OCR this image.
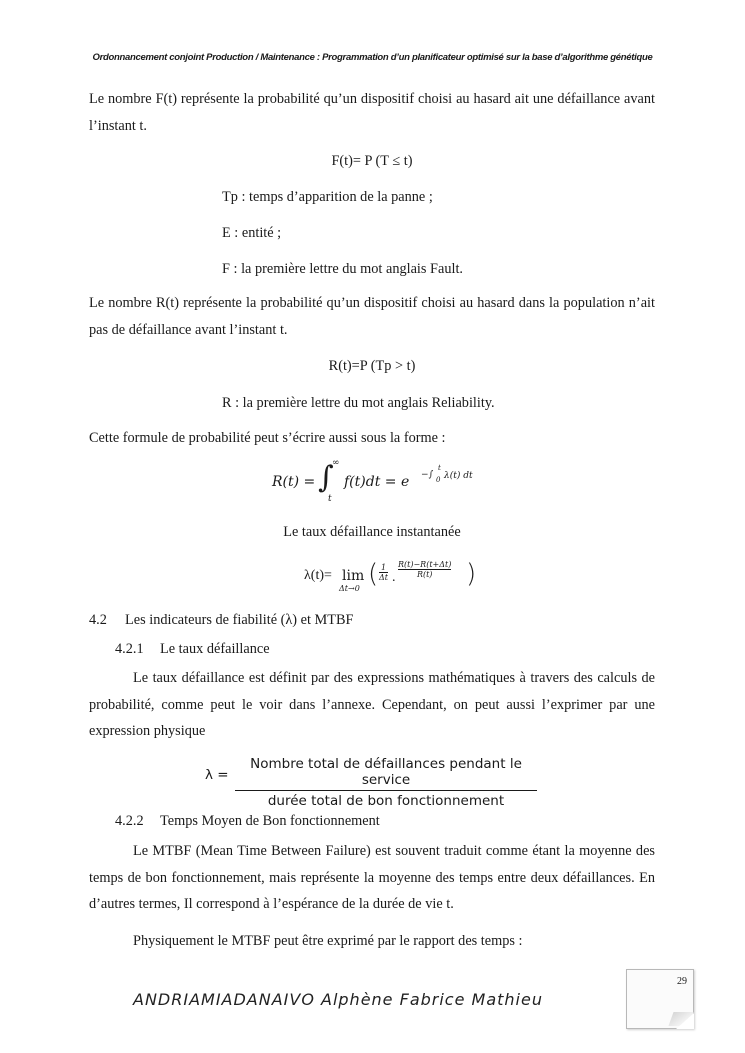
Ordonnancement conjoint Production / Maintenance : Programmation d’un planificateur optimisé sur la base d’algorithme génétique

Le nombre F(t) représente la probabilité qu’un dispositif choisi au hasard ait une défaillance avant l’instant t.

F(t)= P (T ≤ t)
Tp : temps d’apparition de la panne ;
E : entité ;
F : la première lettre du mot anglais Fault.

Le nombre R(t) représente la probabilité qu’un dispositif choisi au hasard dans la population n’ait pas de défaillance avant l’instant t.

R(t)=P (Tp > t)
R : la première lettre du mot anglais Reliability.
Cette formule de probabilité peut s’écrire aussi sous la forme :
R(t) = ∫
∞
t
f(t)dt = e −∫
t
0 λ(t) dt
Le taux défaillance instantanée
λ(t)= lim
Δt→0 ( $\frac{1}{\Delta t}$ . $\frac{R(t)-R(t+\Delta t)}{R(t)}$ )
4.2 Les indicateurs de fiabilité (λ) et MTBF
4.2.1 Le taux défaillance

Le taux défaillance est définit par des expressions mathématiques à travers des calculs de probabilité, comme peut le voir dans l’annexe. Cependant, on peut aussi l’exprimer par une expression physique

λ =
Nombre total de défaillances pendant le service
durée total de bon fonctionnement
4.2.2 Temps Moyen de Bon fonctionnement

Le MTBF (Mean Time Between Failure) est souvent traduit comme étant la moyenne des temps de bon fonctionnement, mais représente la moyenne des temps entre deux défaillances. En d’autres termes, Il correspond à l’espérance de la durée de vie t.

Physiquement le MTBF peut être exprimé par le rapport des temps :
ANDRIAMIADANAIVO Alphène Fabrice Mathieu
29
